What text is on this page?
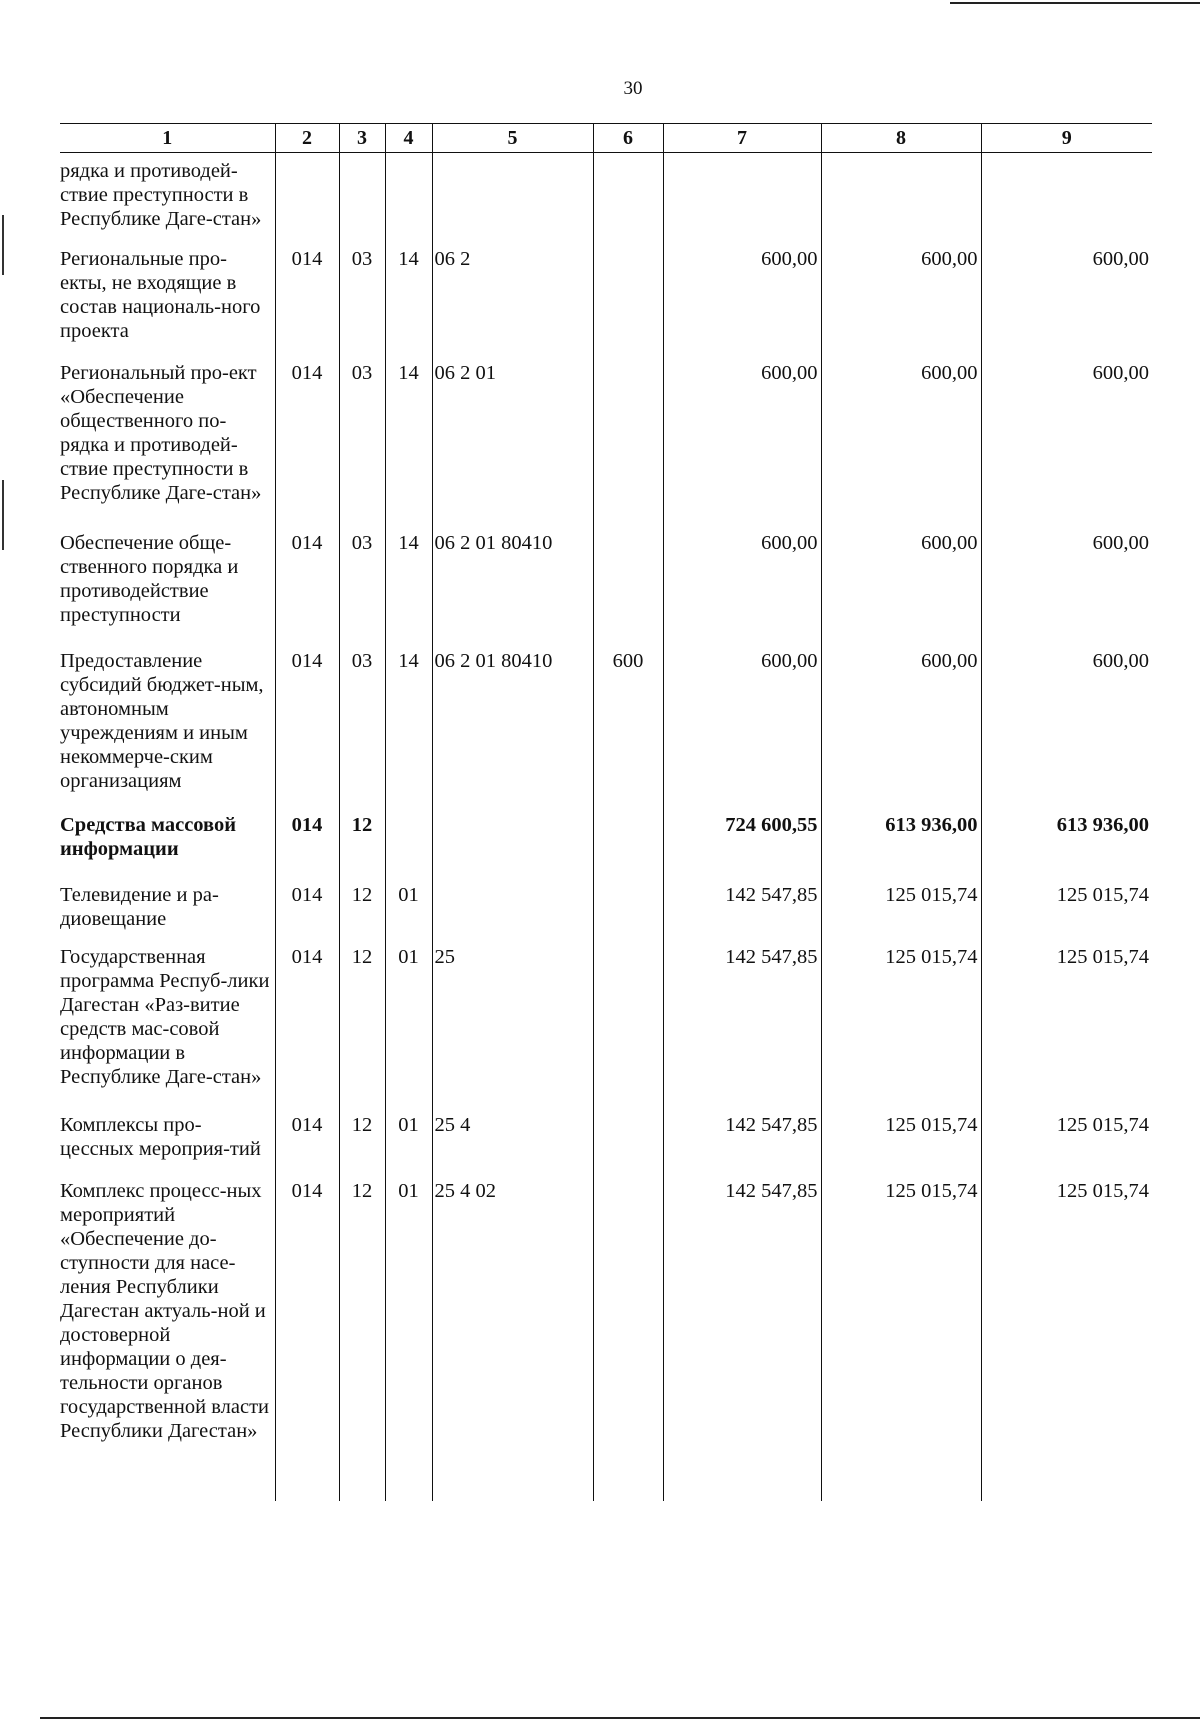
30
1	2	3	4	5	6	7	8	9
рядка и противодей-ствие преступности в Республике Даге-стан»								
Региональные про-екты, не входящие в состав националь-ного проекта	014	03	14	06 2		600,00	600,00	600,00
Региональный про-ект «Обеспечение общественного по-рядка и противодей-ствие преступности в Республике Даге-стан»	014	03	14	06 2 01		600,00	600,00	600,00
Обеспечение обще-ственного порядка и противодействие преступности	014	03	14	06 2 01 80410		600,00	600,00	600,00
Предоставление субсидий бюджет-ным, автономным учреждениям и иным некоммерче-ским организациям	014	03	14	06 2 01 80410	600	600,00	600,00	600,00
Средства массовой информации	014	12				724 600,55	613 936,00	613 936,00
Телевидение и ра-диовещание	014	12	01			142 547,85	125 015,74	125 015,74
Государственная программа Респуб-лики Дагестан «Раз-витие средств мас-совой информации в Республике Даге-стан»	014	12	01	25		142 547,85	125 015,74	125 015,74
Комплексы про-цессных мероприя-тий	014	12	01	25 4		142 547,85	125 015,74	125 015,74
Комплекс процесс-ных мероприятий «Обеспечение до-ступности для насе-ления Республики Дагестан актуаль-ной и достоверной информации о дея-тельности органов государственной власти Республики Дагестан»	014	12	01	25 4 02		142 547,85	125 015,74	125 015,74
